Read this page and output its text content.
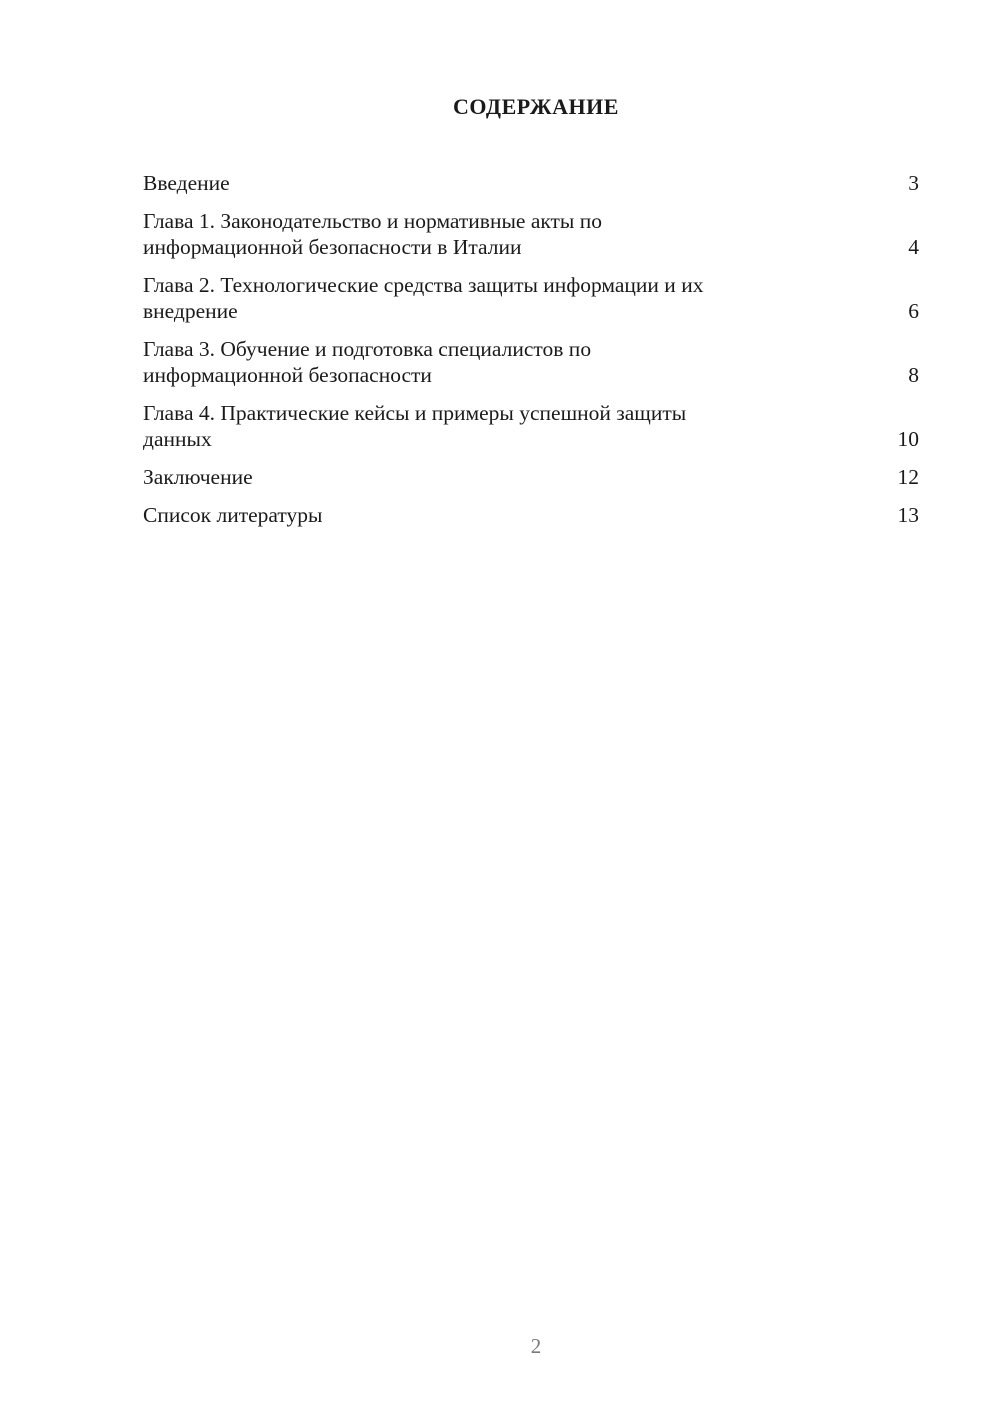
СОДЕРЖАНИЕ
Введение	3
Глава 1. Законодательство и нормативные акты по
информационной безопасности в Италии	4
Глава 2. Технологические средства защиты информации и их
внедрение	6
Глава 3. Обучение и подготовка специалистов по
информационной безопасности	8
Глава 4. Практические кейсы и примеры успешной защиты
данных	10
Заключение	12
Список литературы	13
2
